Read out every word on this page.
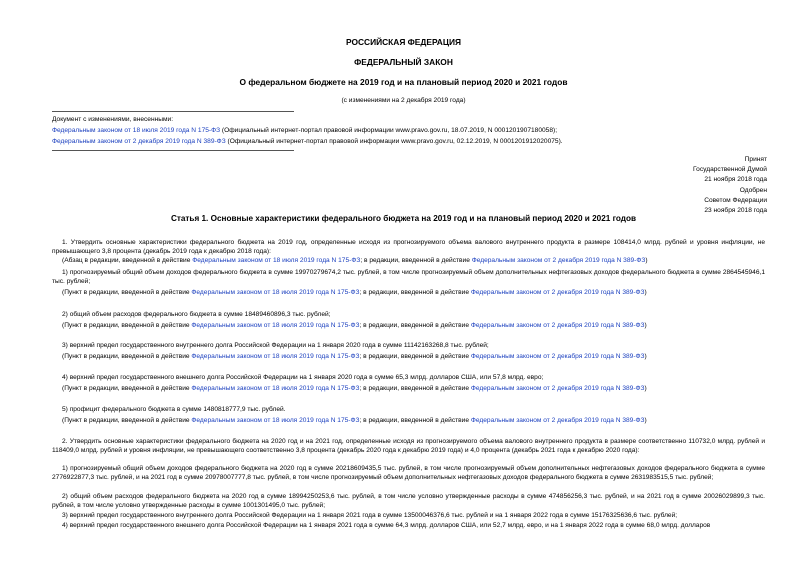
РОССИЙСКАЯ ФЕДЕРАЦИЯ
ФЕДЕРАЛЬНЫЙ ЗАКОН
О федеральном бюджете на 2019 год и на плановый период 2020 и 2021 годов
(с изменениями на 2 декабря 2019 года)
Документ с изменениями, внесенными:
Федеральным законом от 18 июля 2019 года N 175-ФЗ (Официальный интернет-портал правовой информации www.pravo.gov.ru, 18.07.2019, N 0001201907180058);
Федеральным законом от 2 декабря 2019 года N 389-ФЗ (Официальный интернет-портал правовой информации www.pravo.gov.ru, 02.12.2019, N 0001201912020075).
Принят
Государственной Думой
21 ноября 2018 года
Одобрен
Советом Федерации
23 ноября 2018 года
Статья 1. Основные характеристики федерального бюджета на 2019 год и на плановый период 2020 и 2021 годов
1. Утвердить основные характеристики федерального бюджета на 2019 год, определенные исходя из прогнозируемого объема валового внутреннего продукта в размере 108414,0 млрд. рублей и уровня инфляции, не превышающего 3,8 процента (декабрь 2019 года к декабрю 2018 года):
(Абзац в редакции, введенной в действие Федеральным законом от 18 июля 2019 года N 175-ФЗ; в редакции, введенной в действие Федеральным законом от 2 декабря 2019 года N 389-ФЗ)
1) прогнозируемый общий объем доходов федерального бюджета в сумме 19970279674,2 тыс. рублей, в том числе прогнозируемый объем дополнительных нефтегазовых доходов федерального бюджета в сумме 2864545946,1 тыс. рублей;
(Пункт в редакции, введенной в действие Федеральным законом от 18 июля 2019 года N 175-ФЗ; в редакции, введенной в действие Федеральным законом от 2 декабря 2019 года N 389-ФЗ)
2) общий объем расходов федерального бюджета в сумме 18489460896,3 тыс. рублей;
(Пункт в редакции, введенной в действие Федеральным законом от 18 июля 2019 года N 175-ФЗ; в редакции, введенной в действие Федеральным законом от 2 декабря 2019 года N 389-ФЗ)
3) верхний предел государственного внутреннего долга Российской Федерации на 1 января 2020 года в сумме 11142163268,8 тыс. рублей;
(Пункт в редакции, введенной в действие Федеральным законом от 18 июля 2019 года N 175-ФЗ; в редакции, введенной в действие Федеральным законом от 2 декабря 2019 года N 389-ФЗ)
4) верхний предел государственного внешнего долга Российской Федерации на 1 января 2020 года в сумме 65,3 млрд. долларов США, или 57,8 млрд. евро;
(Пункт в редакции, введенной в действие Федеральным законом от 18 июля 2019 года N 175-ФЗ; в редакции, введенной в действие Федеральным законом от 2 декабря 2019 года N 389-ФЗ)
5) профицит федерального бюджета в сумме 1480818777,9 тыс. рублей.
(Пункт в редакции, введенной в действие Федеральным законом от 18 июля 2019 года N 175-ФЗ; в редакции, введенной в действие Федеральным законом от 2 декабря 2019 года N 389-ФЗ)
2. Утвердить основные характеристики федерального бюджета на 2020 год и на 2021 год, определенные исходя из прогнозируемого объема валового внутреннего продукта в размере соответственно 110732,0 млрд. рублей и 118409,0 млрд. рублей и уровня инфляции, не превышающего соответственно 3,8 процента (декабрь 2020 года к декабрю 2019 года) и 4,0 процента (декабрь 2021 года к декабрю 2020 года):
1) прогнозируемый общий объем доходов федерального бюджета на 2020 год в сумме 20218609435,5 тыс. рублей, в том числе прогнозируемый объем дополнительных нефтегазовых доходов федерального бюджета в сумме 2776922877,3 тыс. рублей, и на 2021 год в сумме 20978007777,8 тыс. рублей, в том числе прогнозируемый объем дополнительных нефтегазовых доходов федерального бюджета в сумме 2631983515,5 тыс. рублей;
2) общий объем расходов федерального бюджета на 2020 год в сумме 18994250253,6 тыс. рублей, в том числе условно утвержденные расходы в сумме 474856256,3 тыс. рублей, и на 2021 год в сумме 20026029899,3 тыс. рублей, в том числе условно утвержденные расходы в сумме 1001301495,0 тыс. рублей;
3) верхний предел государственного внутреннего долга Российской Федерации на 1 января 2021 года в сумме 13500046376,6 тыс. рублей и на 1 января 2022 года в сумме 15176325636,6 тыс. рублей;
4) верхний предел государственного внешнего долга Российской Федерации на 1 января 2021 года в сумме 64,3 млрд. долларов США, или 52,7 млрд. евро, и на 1 января 2022 года в сумме 68,0 млрд. долларов
